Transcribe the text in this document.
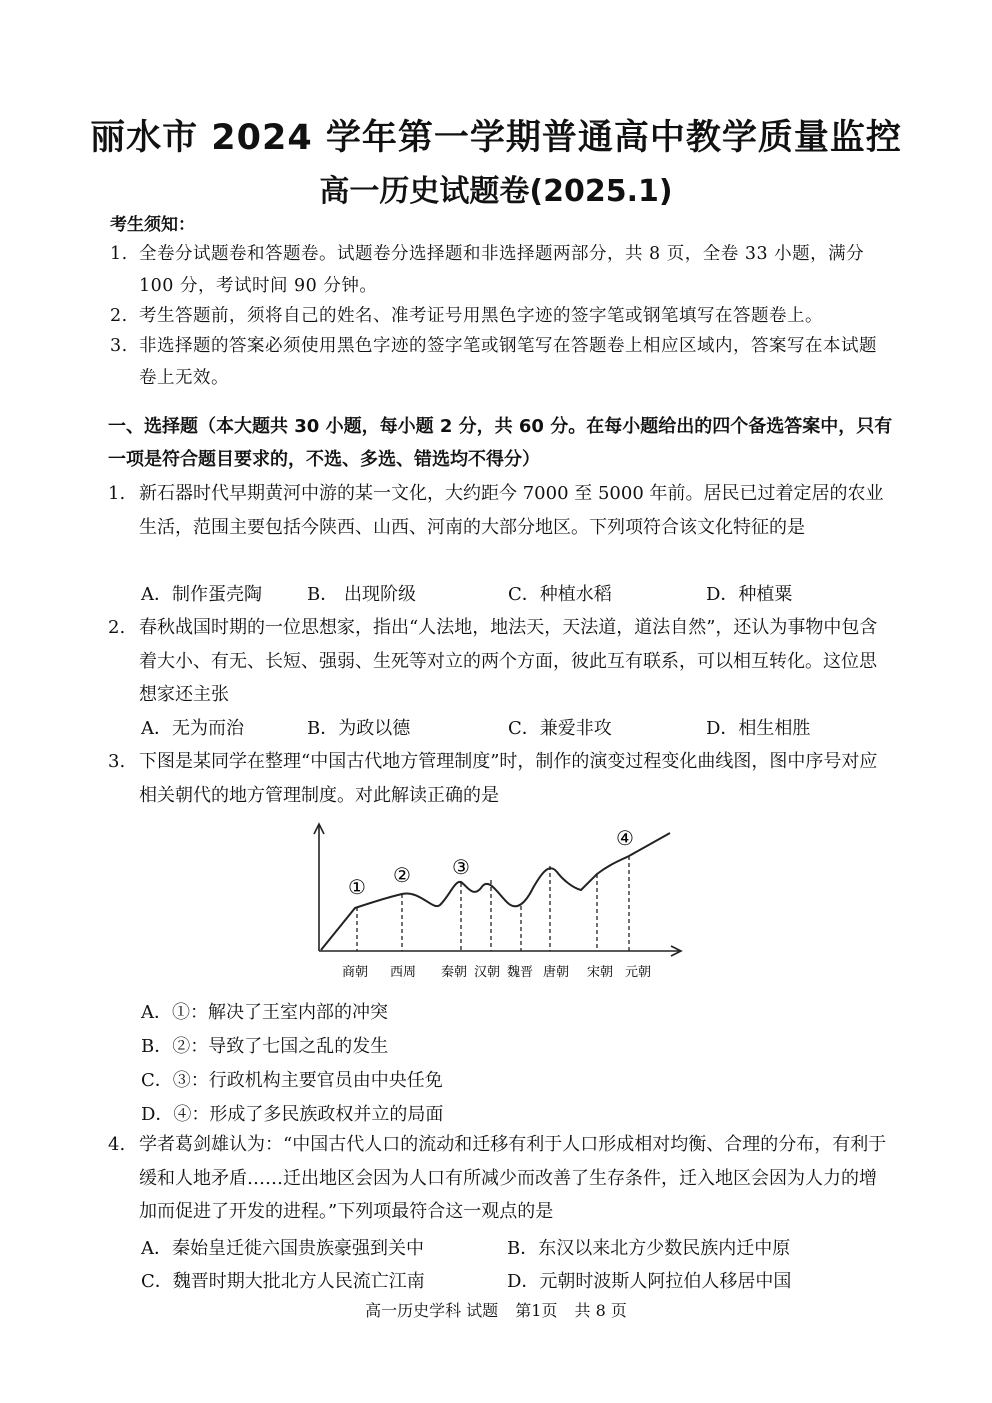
丽水市 2024 学年第一学期普通高中教学质量监控
高一历史试题卷(2025.1)
考生须知：
1. 全卷分试题卷和答题卷。试题卷分选择题和非选择题两部分，共 8 页，全卷 33 小题，满分 100 分，考试时间 90 分钟。
2. 考生答题前，须将自己的姓名、准考证号用黑色字迹的签字笔或钢笔填写在答题卷上。
3. 非选择题的答案必须使用黑色字迹的签字笔或钢笔写在答题卷上相应区域内，答案写在本试题卷上无效。
一、选择题（本大题共 30 小题，每小题 2 分，共 60 分。在每小题给出的四个备选答案中，只有一项是符合题目要求的，不选、多选、错选均不得分）
1. 新石器时代早期黄河中游的某一文化，大约距今 7000 至 5000 年前。居民已过着定居的农业生活，范围主要包括今陕西、山西、河南的大部分地区。下列项符合该文化特征的是
A．制作蛋壳陶	B． 出现阶级	C．种植水稻	D．种植粟
2. 春秋战国时期的一位思想家，指出“人法地，地法天，天法道，道法自然”，还认为事物中包含着大小、有无、长短、强弱、生死等对立的两个方面，彼此互有联系，可以相互转化。这位思想家还主张
A．无为而治	B．为政以德	C．兼爱非攻	D．相生相胜
3. 下图是某同学在整理“中国古代地方管理制度”时，制作的演变过程变化曲线图，图中序号对应相关朝代的地方管理制度。对此解读正确的是
① ② ③
④
商朝 西周 秦朝 汉朝 魏晋 唐朝 宋朝 元朝
A．①：解决了王室内部的冲突
B．②：导致了七国之乱的发生
C．③：行政机构主要官员由中央任免
D．④：形成了多民族政权并立的局面
4. 学者葛剑雄认为：“中国古代人口的流动和迁移有利于人口形成相对均衡、合理的分布，有利于缓和人地矛盾……迁出地区会因为人口有所减少而改善了生存条件，迁入地区会因为人力的增加而促进了开发的进程。”下列项最符合这一观点的是
A．秦始皇迁徙六国贵族豪强到关中	B．东汉以来北方少数民族内迁中原
C．魏晋时期大批北方人民流亡江南	D．元朝时波斯人阿拉伯人移居中国
高一历史学科 试题 第1页 共 8 页
